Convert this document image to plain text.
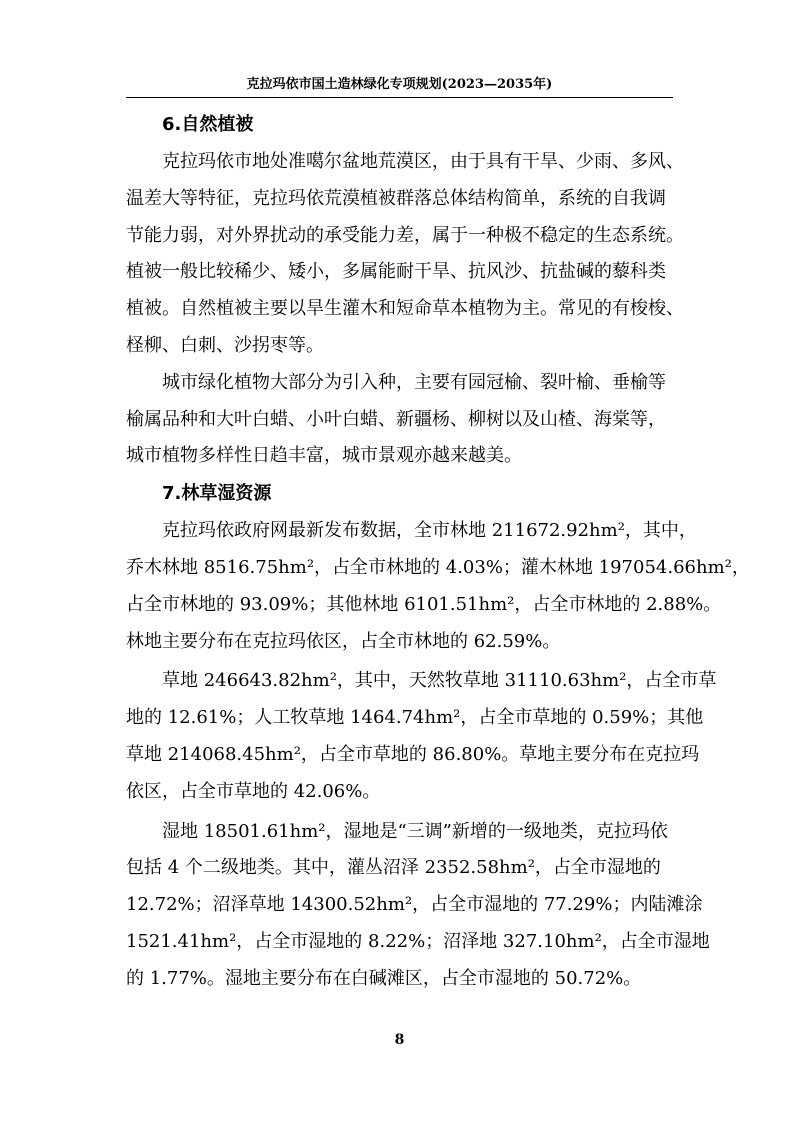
克拉玛依市国土造林绿化专项规划(2023—2035年)
6.自然植被
克拉玛依市地处准噶尔盆地荒漠区，由于具有干旱、少雨、多风、
温差大等特征，克拉玛依荒漠植被群落总体结构简单，系统的自我调
节能力弱，对外界扰动的承受能力差，属于一种极不稳定的生态系统。
植被一般比较稀少、矮小，多属能耐干旱、抗风沙、抗盐碱的藜科类
植被。自然植被主要以旱生灌木和短命草本植物为主。常见的有梭梭、
柽柳、白刺、沙拐枣等。
城市绿化植物大部分为引入种，主要有园冠榆、裂叶榆、垂榆等
榆属品种和大叶白蜡、小叶白蜡、新疆杨、柳树以及山楂、海棠等，
城市植物多样性日趋丰富，城市景观亦越来越美。
7.林草湿资源
克拉玛依政府网最新发布数据，全市林地 211672.92hm²，其中，
乔木林地 8516.75hm²，占全市林地的 4.03%；灌木林地 197054.66hm²，
占全市林地的 93.09%；其他林地 6101.51hm²，占全市林地的 2.88%。
林地主要分布在克拉玛依区，占全市林地的 62.59%。
草地 246643.82hm²，其中，天然牧草地 31110.63hm²，占全市草
地的 12.61%；人工牧草地 1464.74hm²，占全市草地的 0.59%；其他
草地 214068.45hm²，占全市草地的 86.80%。草地主要分布在克拉玛
依区，占全市草地的 42.06%。
湿地 18501.61hm²，湿地是“三调”新增的一级地类，克拉玛依
包括 4 个二级地类。其中，灌丛沼泽 2352.58hm²，占全市湿地的
12.72%；沼泽草地 14300.52hm²，占全市湿地的 77.29%；内陆滩涂
1521.41hm²，占全市湿地的 8.22%；沼泽地 327.10hm²，占全市湿地
的 1.77%。湿地主要分布在白碱滩区，占全市湿地的 50.72%。
8
